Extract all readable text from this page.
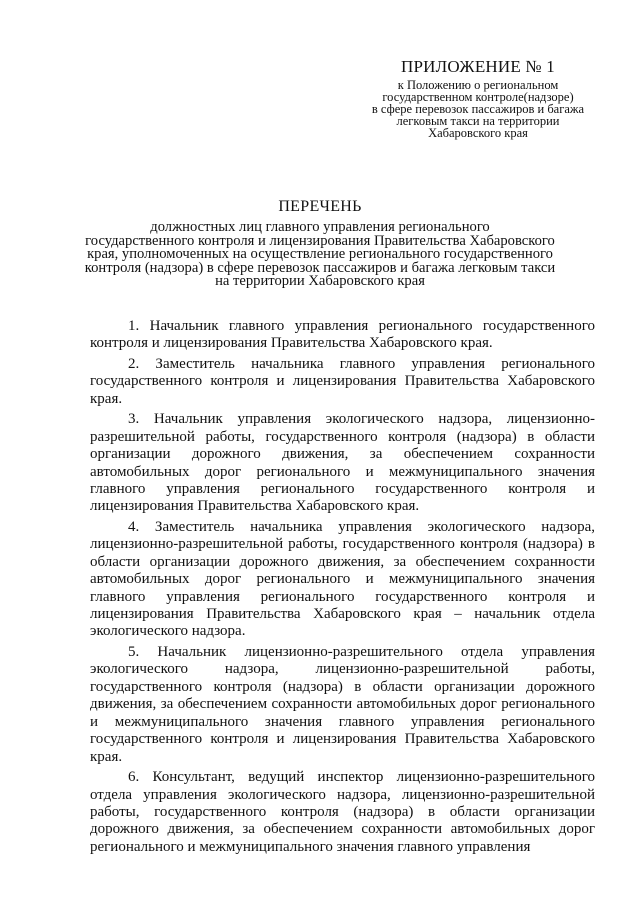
ПРИЛОЖЕНИЕ № 1

к Положению о региональном

государственном контроле(надзоре)

в сфере перевозок пассажиров и багажа

легковым такси на территории

Хабаровского края

ПЕРЕЧЕНЬ

должностных лиц главного управления регионального

государственного контроля и лицензирования Правительства Хабаровского

края, уполномоченных на осуществление регионального государственного

контроля (надзора) в сфере перевозок пассажиров и багажа легковым такси

на территории Хабаровского края

1. Начальник главного управления регионального государственного контроля и лицензирования Правительства Хабаровского края.

2. Заместитель начальника главного управления регионального государственного контроля и лицензирования Правительства Хабаровского края.

3. Начальник управления экологического надзора, лицензионно-разрешительной работы, государственного контроля (надзора) в области организации дорожного движения, за обеспечением сохранности автомобильных дорог регионального и межмуниципального значения главного управления регионального государственного контроля и лицензирования Правительства Хабаровского края.

4. Заместитель начальника управления экологического надзора, лицензионно-разрешительной работы, государственного контроля (надзора) в области организации дорожного движения, за обеспечением сохранности автомобильных дорог регионального и межмуниципального значения главного управления регионального государственного контроля и лицензирования Правительства Хабаровского края – начальник отдела экологического надзора.

5. Начальник лицензионно-разрешительного отдела управления экологического надзора, лицензионно-разрешительной работы, государственного контроля (надзора) в области организации дорожного движения, за обеспечением сохранности автомобильных дорог регионального и межмуниципального значения главного управления регионального государственного контроля и лицензирования Правительства Хабаровского края.

6. Консультант, ведущий инспектор лицензионно-разрешительного отдела управления экологического надзора, лицензионно-разрешительной работы, государственного контроля (надзора) в области организации дорожного движения, за обеспечением сохранности автомобильных дорог регионального и межмуниципального значения главного управления
